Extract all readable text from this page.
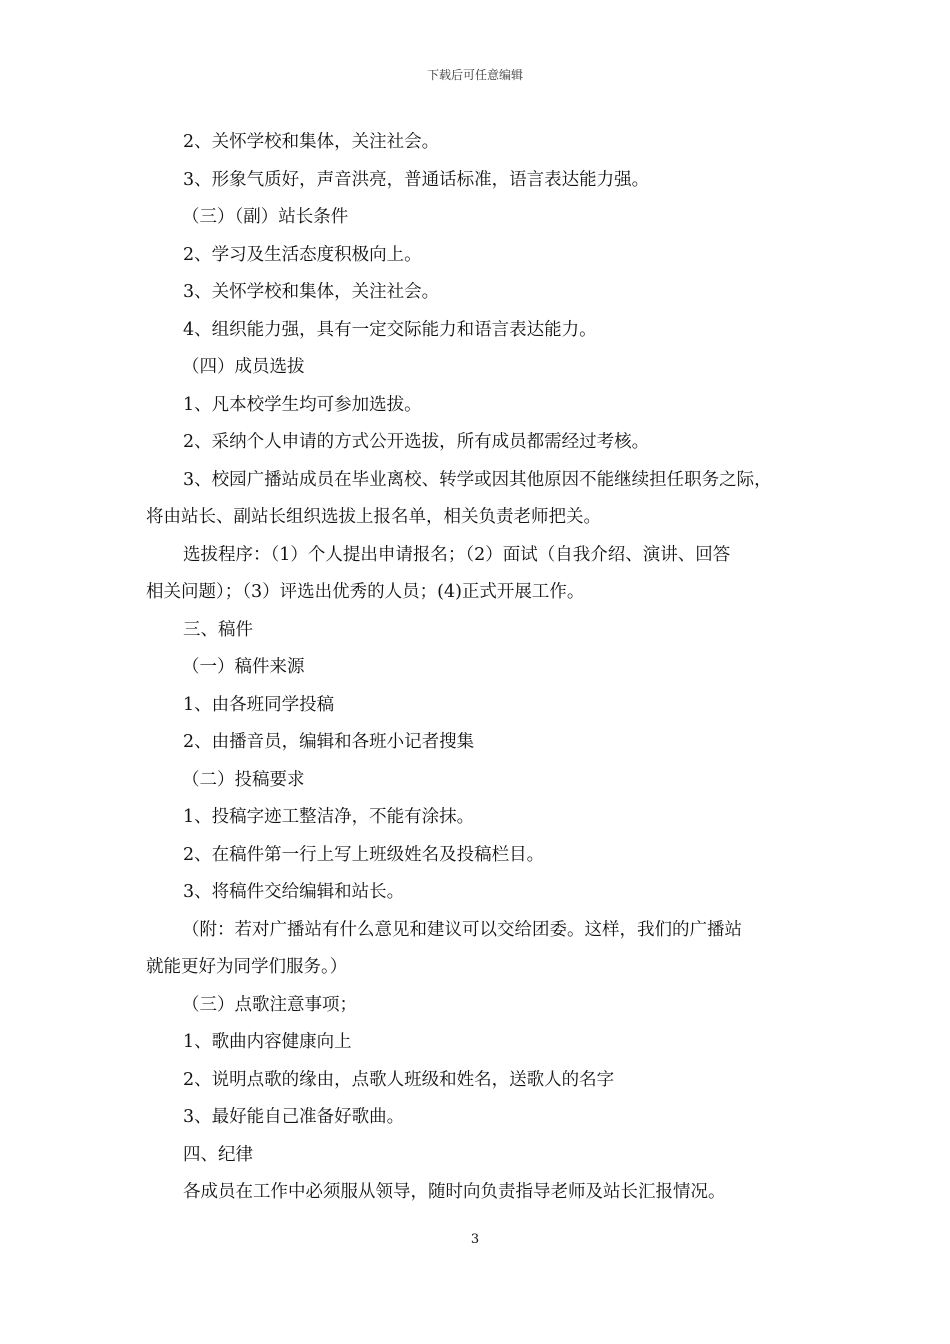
下载后可任意编辑
2、关怀学校和集体，关注社会。
3、形象气质好，声音洪亮，普通话标准，语言表达能力强。
（三）（副）站长条件
2、学习及生活态度积极向上。
3、关怀学校和集体，关注社会。
4、组织能力强，具有一定交际能力和语言表达能力。
（四）成员选拔
1、凡本校学生均可参加选拔。
2、采纳个人申请的方式公开选拔，所有成员都需经过考核。
3、校园广播站成员在毕业离校、转学或因其他原因不能继续担任职务之际，
将由站长、副站长组织选拔上报名单，相关负责老师把关。
选拔程序：（1）个人提出申请报名；（2）面试（自我介绍、演讲、回答
相关问题）；（3）评选出优秀的人员；(4)正式开展工作。
三、稿件
（一）稿件来源
1、由各班同学投稿
2、由播音员，编辑和各班小记者搜集
（二）投稿要求
1、投稿字迹工整洁净，不能有涂抹。
2、在稿件第一行上写上班级姓名及投稿栏目。
3、将稿件交给编辑和站长。
（附：若对广播站有什么意见和建议可以交给团委。这样，我们的广播站
就能更好为同学们服务。）
（三）点歌注意事项；
1、歌曲内容健康向上
2、说明点歌的缘由，点歌人班级和姓名，送歌人的名字
3、最好能自己准备好歌曲。
四、纪律
各成员在工作中必须服从领导，随时向负责指导老师及站长汇报情况。
3
